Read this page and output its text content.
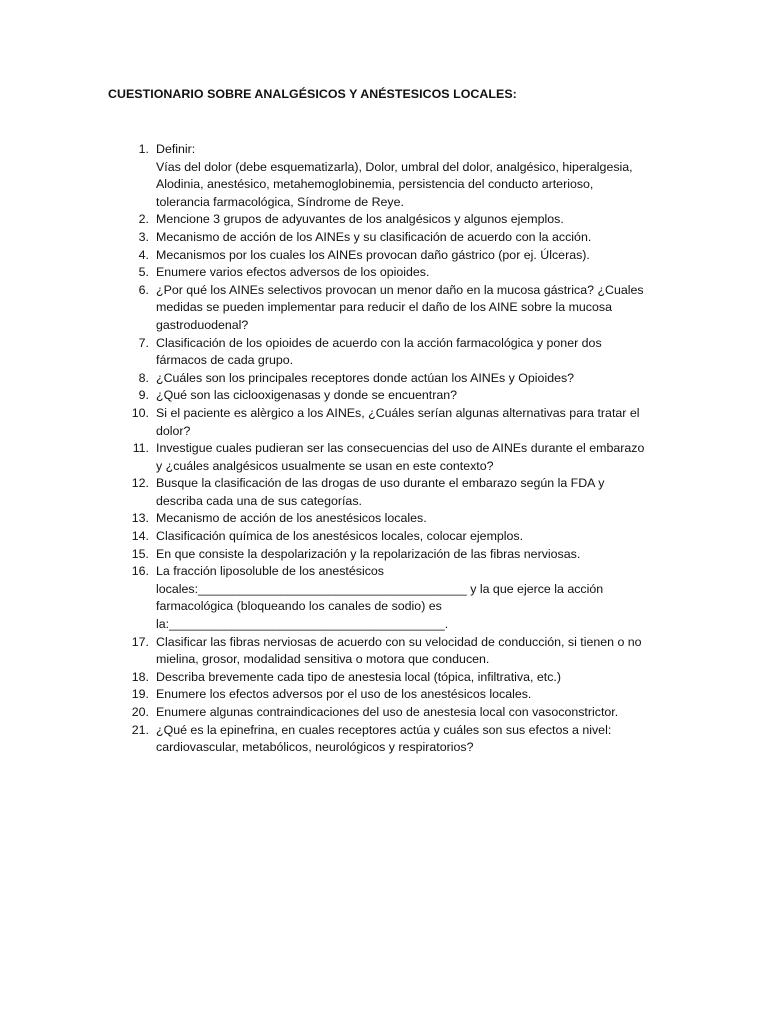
CUESTIONARIO SOBRE ANALGÉSICOS Y ANÉSTESICOS LOCALES:
1. Definir:
Vías del dolor (debe esquematizarla), Dolor, umbral del dolor, analgésico, hiperalgesia,
Alodinia, anestésico, metahemoglobinemia, persistencia del conducto arterioso,
tolerancia farmacológica, Síndrome de Reye.
2. Mencione 3 grupos de adyuvantes de los analgésicos y algunos ejemplos.
3. Mecanismo de acción de los AINEs y su clasificación de acuerdo con la acción.
4. Mecanismos por los cuales los AINEs provocan daño gástrico (por ej. Úlceras).
5. Enumere varios efectos adversos de los opioides.
6. ¿Por qué los AINEs selectivos provocan un menor daño en la mucosa gástrica? ¿Cuales
medidas se pueden implementar para reducir el daño de los AINE sobre la mucosa
gastroduodenal?
7. Clasificación de los opioides de acuerdo con la acción farmacológica y poner dos
fármacos de cada grupo.
8. ¿Cuáles son los principales receptores donde actúan los AINEs y Opioides?
9. ¿Qué son las ciclooxigenasas y donde se encuentran?
10. Si el paciente es alèrgico a los AINEs, ¿Cuáles serían algunas alternativas para tratar el
dolor?
11. Investigue cuales pudieran ser las consecuencias del uso de AINEs durante el embarazo
y ¿cuáles analgésicos usualmente se usan en este contexto?
12. Busque la clasificación de las drogas de uso durante el embarazo según la FDA y
describa cada una de sus categorías.
13. Mecanismo de acción de los anestésicos locales.
14. Clasificación química de los anestésicos locales, colocar ejemplos.
15. En que consiste la despolarización y la repolarización de las fibras nerviosas.
16. La fracción liposoluble de los anestésicos
locales:_______________________________________ y la que ejerce la acción
farmacológica (bloqueando los canales de sodio) es
la:________________________________________.
17. Clasificar las fibras nerviosas de acuerdo con su velocidad de conducción, si tienen o no
mielina, grosor, modalidad sensitiva o motora que conducen.
18. Describa brevemente cada tipo de anestesia local (tópica, infiltrativa, etc.)
19. Enumere los efectos adversos por el uso de los anestésicos locales.
20. Enumere algunas contraindicaciones del uso de anestesia local con vasoconstrictor.
21. ¿Qué es la epinefrina, en cuales receptores actúa y cuáles son sus efectos a nivel:
cardiovascular, metabólicos, neurológicos y respiratorios?
